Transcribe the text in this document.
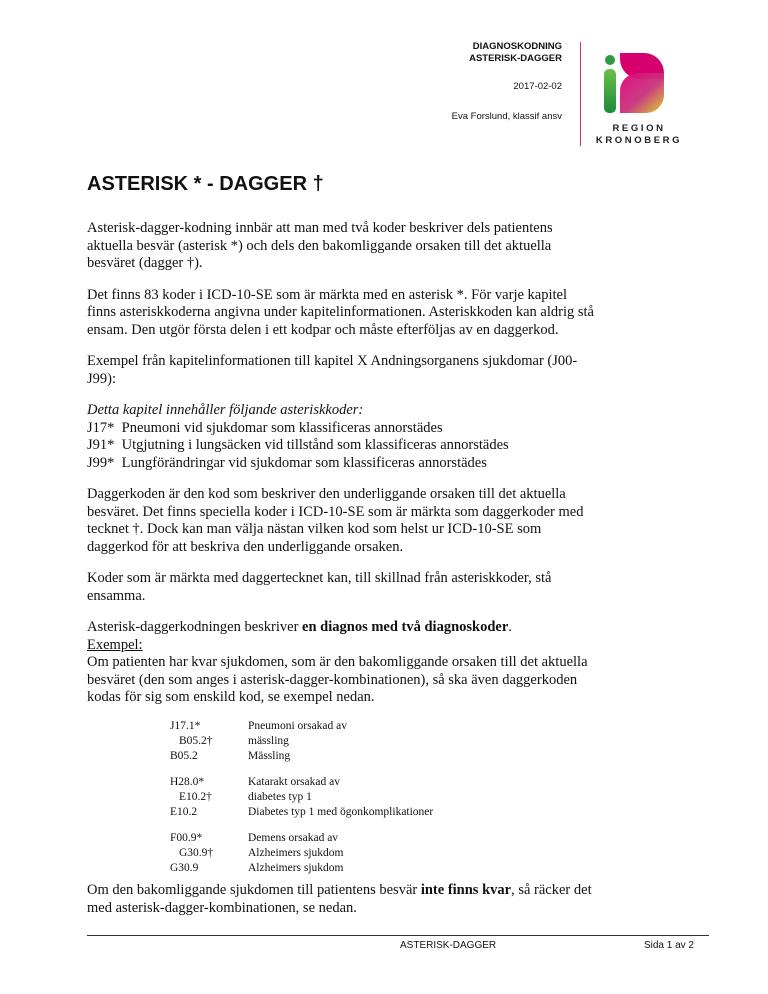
DIAGNOSKODNING
ASTERISK-DAGGER
2017-02-02
Eva Forslund, klassif ansv
REGION
KRONOBERG
ASTERISK * - DAGGER †

Asterisk-dagger-kodning innbär att man med två koder beskriver dels patientens aktuella besvär (asterisk *) och dels den bakomliggande orsaken till det aktuella besväret (dagger †).

Det finns 83 koder i ICD-10-SE som är märkta med en asterisk *. För varje kapitel finns asteriskkoderna angivna under kapitelinformationen. Asteriskkoden kan aldrig stå ensam. Den utgör första delen i ett kodpar och måste efterföljas av en daggerkod.

Exempel från kapitelinformationen till kapitel X Andningsorganens sjukdomar (J00-J99):

Detta kapitel innehåller följande asteriskkoder:
J17*  Pneumoni vid sjukdomar som klassificeras annorstädes
J91*  Utgjutning i lungsäcken vid tillstånd som klassificeras annorstädes
J99*  Lungförändringar vid sjukdomar som klassificeras annorstädes

Daggerkoden är den kod som beskriver den underliggande orsaken till det aktuella besväret. Det finns speciella koder i ICD-10-SE som är märkta som daggerkoder med tecknet †. Dock kan man välja nästan vilken kod som helst ur ICD-10-SE som daggerkod för att beskriva den underliggande orsaken.

Koder som är märkta med daggertecknet kan, till skillnad från asteriskkoder, stå ensamma.

Asterisk-daggerkodningen beskriver en diagnos med två diagnoskoder.
Exempel:
Om patienten har kvar sjukdomen, som är den bakomliggande orsaken till det aktuella besväret (den som anges i asterisk-dagger-kombinationen), så ska även daggerkoden kodas för sig som enskild kod, se exempel nedan.
J17.1*	Pneumoni orsakad av
B05.2†	mässling
B05.2	Mässling
H28.0*	Katarakt orsakad av
E10.2†	diabetes typ 1
E10.2	Diabetes typ 1 med ögonkomplikationer
F00.9*	Demens orsakad av
G30.9†	Alzheimers sjukdom
G30.9	Alzheimers sjukdom
Om den bakomliggande sjukdomen till patientens besvär inte finns kvar, så räcker det med asterisk-dagger-kombinationen, se nedan.
ASTERISK-DAGGER	Sida 1 av 2
